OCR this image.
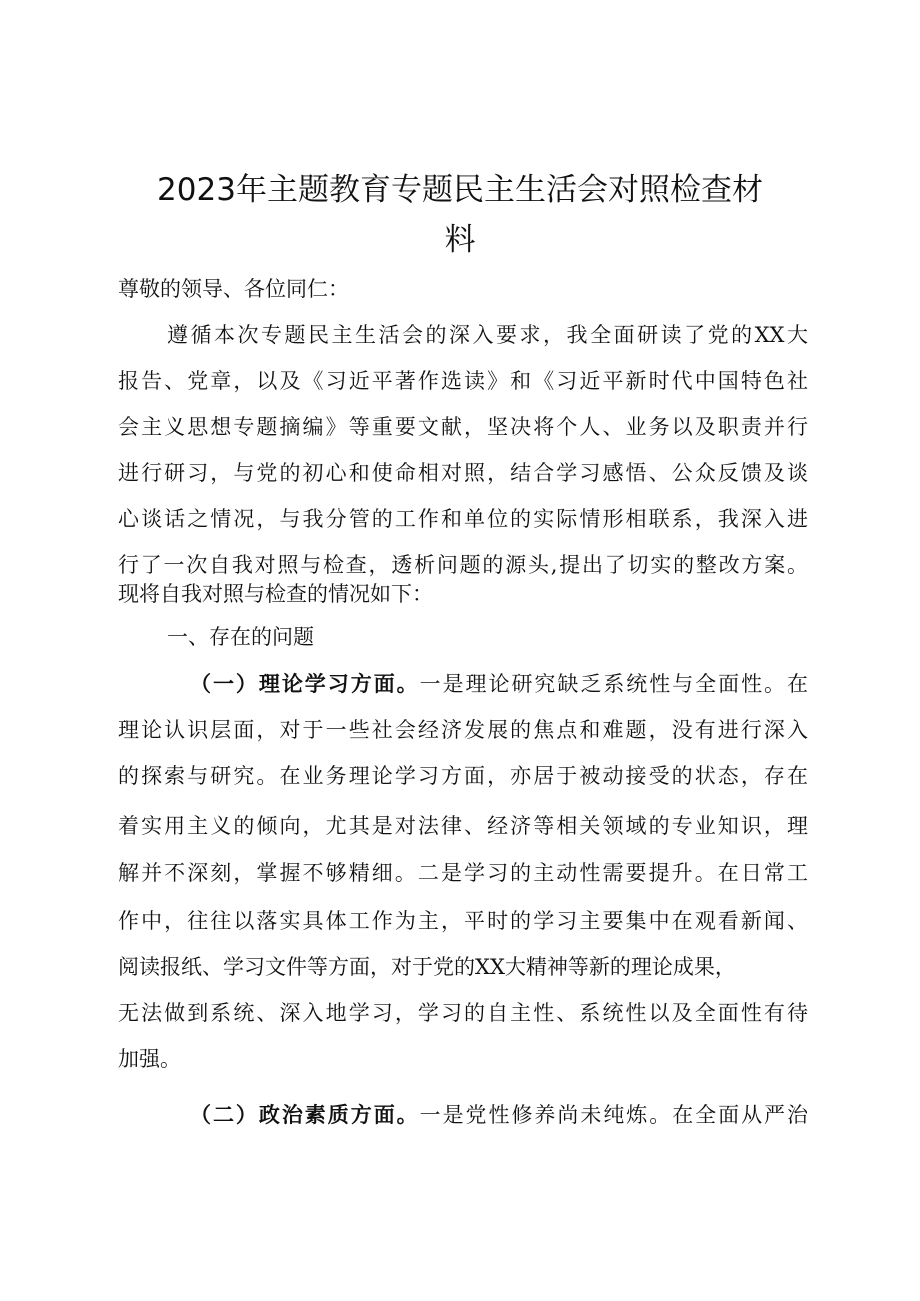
2023年主题教育专题民主生活会对照检查材
料
尊敬的领导、各位同仁：
遵循本次专题民主生活会的深入要求，我全面研读了党的XX大
报告、党章，以及《习近平著作选读》和《习近平新时代中国特色社
会主义思想专题摘编》等重要文献，坚决将个人、业务以及职责并行
进行研习，与党的初心和使命相对照，结合学习感悟、公众反馈及谈
心谈话之情况，与我分管的工作和单位的实际情形相联系，我深入进
行了一次自我对照与检查，透析问题的源头,提出了切实的整改方案。
现将自我对照与检查的情况如下：
一、存在的问题
（一）理论学习方面。一是理论研究缺乏系统性与全面性。在
理论认识层面，对于一些社会经济发展的焦点和难题，没有进行深入
的探索与研究。在业务理论学习方面，亦居于被动接受的状态，存在
着实用主义的倾向，尤其是对法律、经济等相关领域的专业知识，理
解并不深刻，掌握不够精细。二是学习的主动性需要提升。在日常工
作中，往往以落实具体工作为主，平时的学习主要集中在观看新闻、
阅读报纸、学习文件等方面，对于党的XX大精神等新的理论成果，
无法做到系统、深入地学习，学习的自主性、系统性以及全面性有待
加强。
（二）政治素质方面。一是党性修养尚未纯炼。在全面从严治
